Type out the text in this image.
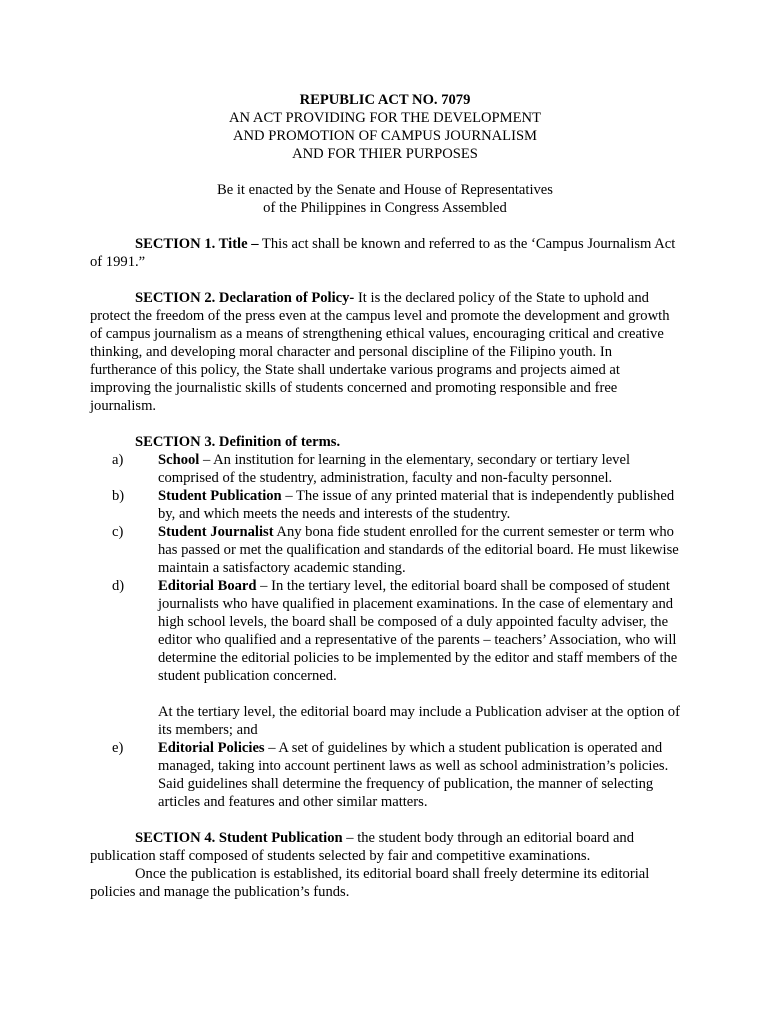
REPUBLIC ACT NO. 7079
AN ACT PROVIDING FOR THE DEVELOPMENT
AND PROMOTION OF CAMPUS JOURNALISM
AND FOR THIER PURPOSES
Be it enacted by the Senate and House of Representatives
of the Philippines in Congress Assembled

SECTION 1. Title – This act shall be known and referred to as the ‘Campus Journalism Act of 1991.”

SECTION 2. Declaration of Policy- It is the declared policy of the State to uphold and protect the freedom of the press even at the campus level and promote the development and growth of campus journalism as a means of strengthening ethical values, encouraging critical and creative thinking, and developing moral character and personal discipline of the Filipino youth. In furtherance of this policy, the State shall undertake various programs and projects aimed at improving the journalistic skills of students concerned and promoting responsible and free journalism.

SECTION 3. Definition of terms.
a) School – An institution for learning in the elementary, secondary or tertiary level comprised of the studentry, administration, faculty and non-faculty personnel.
b) Student Publication – The issue of any printed material that is independently published by, and which meets the needs and interests of the studentry.
c) Student Journalist Any bona fide student enrolled for the current semester or term who has passed or met the qualification and standards of the editorial board. He must likewise maintain a satisfactory academic standing.
d) Editorial Board – In the tertiary level, the editorial board shall be composed of student journalists who have qualified in placement examinations. In the case of elementary and high school levels, the board shall be composed of a duly appointed faculty adviser, the editor who qualified and a representative of the parents – teachers’ Association, who will determine the editorial policies to be implemented by the editor and staff members of the student publication concerned.
At the tertiary level, the editorial board may include a Publication adviser at the option of its members; and
e) Editorial Policies – A set of guidelines by which a student publication is operated and managed, taking into account pertinent laws as well as school administration’s policies. Said guidelines shall determine the frequency of publication, the manner of selecting articles and features and other similar matters.
SECTION 4. Student Publication – the student body through an editorial board and publication staff composed of students selected by fair and competitive examinations.
Once the publication is established, its editorial board shall freely determine its editorial policies and manage the publication’s funds.
